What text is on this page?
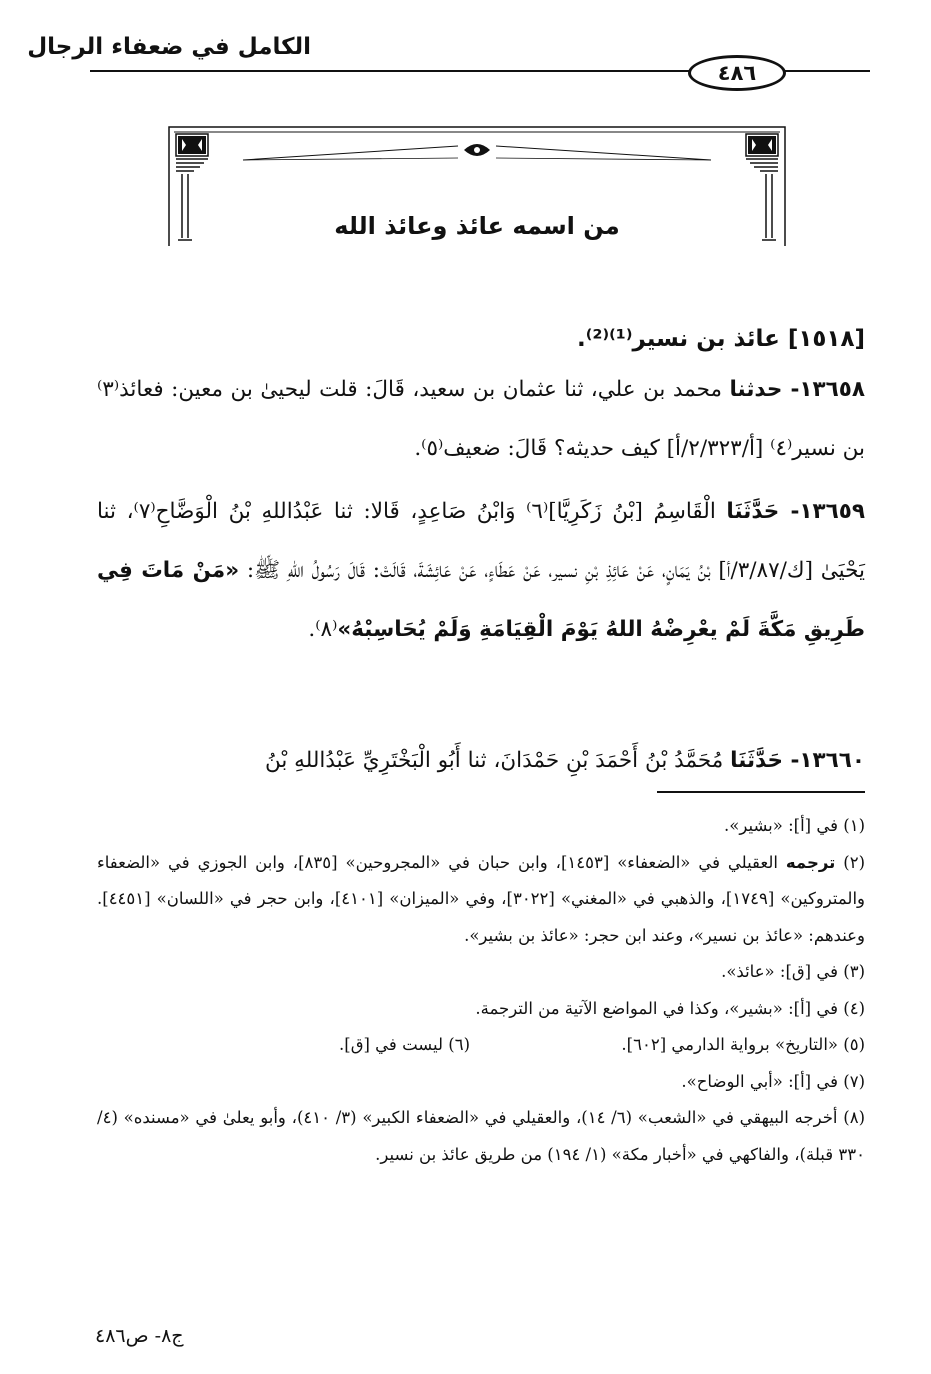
الكامل في ضعفاء الرجال
٤٨٦
من اسمه عائذ وعائذ الله
[١٥١٨] عائذ بن نسير⁽¹⁾⁽²⁾.
١٣٦٥٨- حدثنا محمد بن علي، ثنا عثمان بن سعيد، قَالَ: قلت ليحيىٰ بن معين: فعائذ⁽٣⁾ بن نسير⁽٤⁾ [أ/٢/٣٢٣/أ] كيف حديثه؟ قَالَ: ضعيف⁽٥⁾.
١٣٦٥٩- حَدَّثَنَا الْقَاسِمُ [بْنُ زَكَرِيَّا]⁽٦⁾ وَابْنُ صَاعِدٍ، قَالا: ثنا عَبْدُاللهِ بْنُ الْوَضَّاحِ⁽٧⁾، ثنا يَحْيَىٰ [ك/٣/٨٧/أ] بْنُ يَمَانٍ، عَنْ عَائِذِ بْنِ نسير، عَنْ عَطَاءٍ، عَنْ عَائِشَةَ، قَالَتْ: قَالَ رَسُولُ اللهِ ﷺ: «مَنْ مَاتَ فِي طَرِيقِ مَكَّةَ لَمْ يعْرِضْهُ اللهُ يَوْمَ الْقِيَامَةِ وَلَمْ يُحَاسِبْهُ»⁽٨⁾.
١٣٦٦٠- حَدَّثَنَا مُحَمَّدُ بْنُ أَحْمَدَ بْنِ حَمْدَانَ، ثنا أَبُو الْبَخْتَرِيِّ عَبْدُاللهِ بْنُ

(١) في [أ]: «بشير».

(٢) ترجمه العقيلي في «الضعفاء» [١٤٥٣]، وابن حبان في «المجروحين» [٨٣٥]، وابن الجوزي في «الضعفاء والمتروكين» [١٧٤٩]، والذهبي في «المغني» [٣٠٢٢]، وفي «الميزان» [٤١٠١]، وابن حجر في «اللسان» [٤٤٥١]. وعندهم: «عائذ بن نسير»، وعند ابن حجر: «عائذ بن بشير».

(٣) في [ق]: «عائذ».

(٤) في [أ]: «بشير»، وكذا في المواضع الآتية من الترجمة.

(٥) «التاريخ» برواية الدارمي [٦٠٢].
(٦) ليست في [ق].

(٧) في [أ]: «أبي الوضاح».

(٨) أخرجه البيهقي في «الشعب» (٦/ ١٤)، والعقيلي في «الضعفاء الكبير» (٣/ ٤١٠)، وأبو يعلىٰ في «مسنده» (٤/ ٣٣٠ قبلة)، والفاكهي في «أخبار مكة» (١/ ١٩٤) من طريق عائذ بن نسير.

ج٨- ص٤٨٦
